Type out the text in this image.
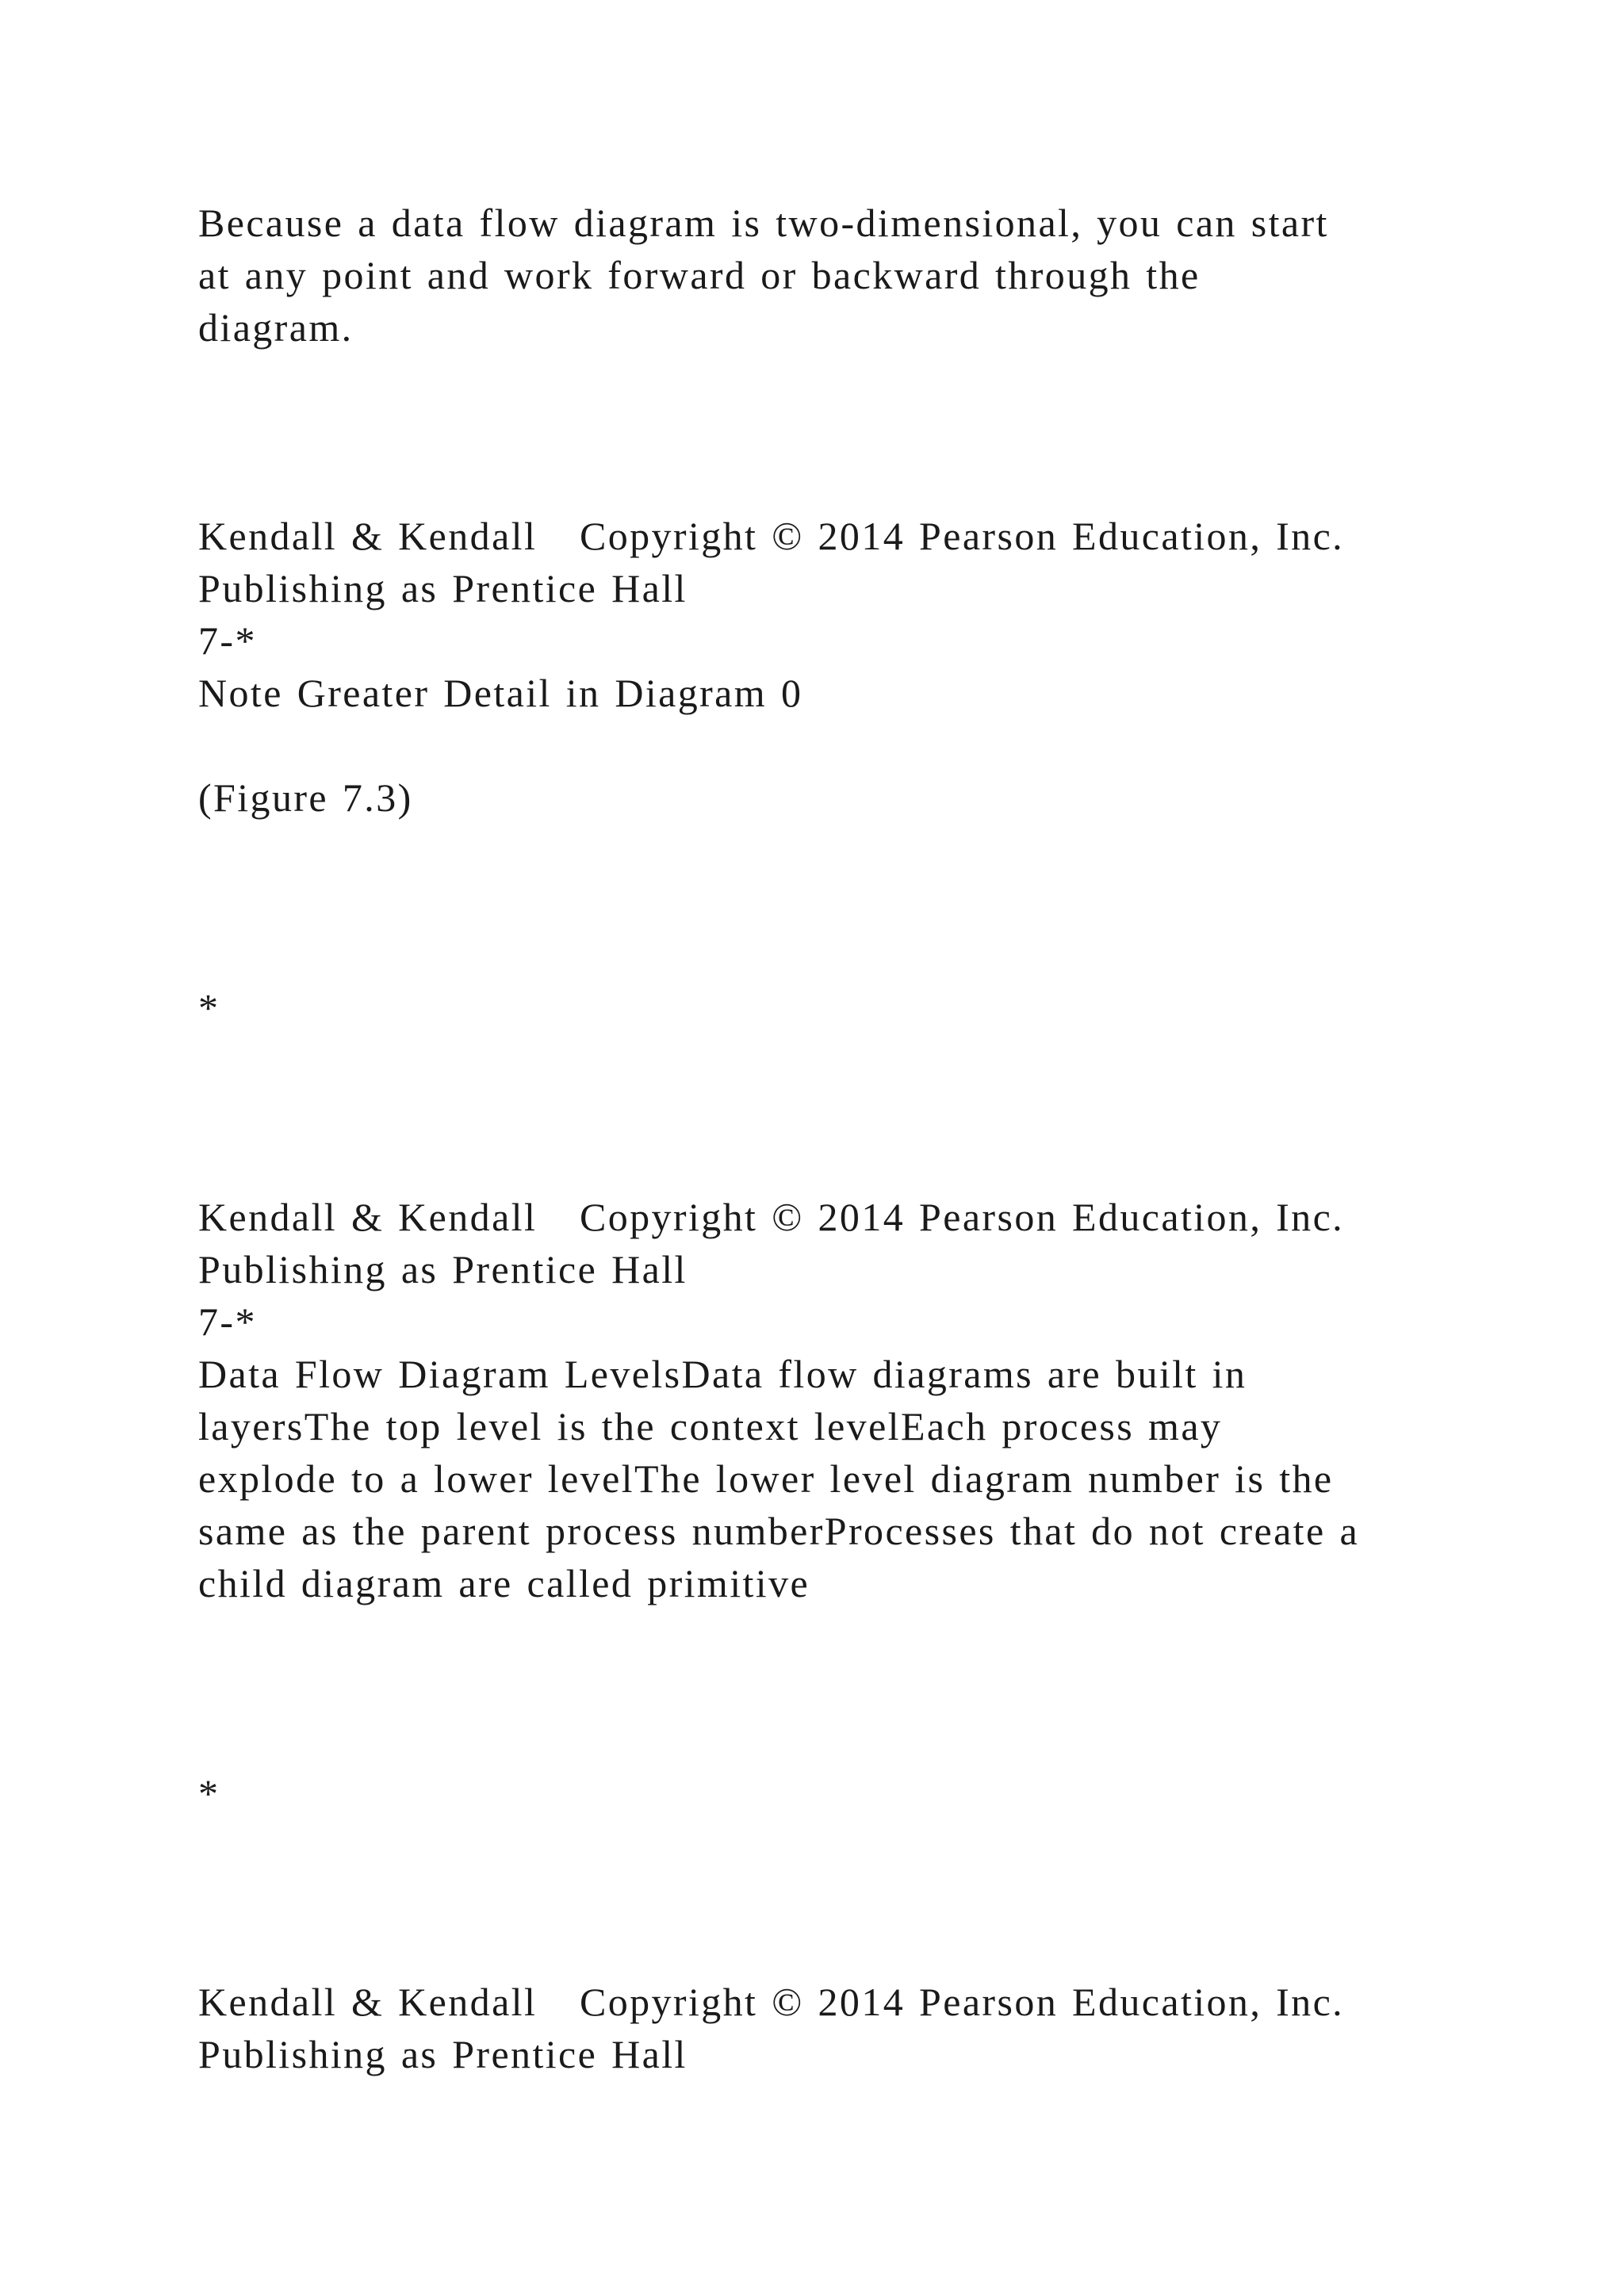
Because a data flow diagram is two-dimensional, you can start

at any point and work forward or backward through the

diagram.

Kendall & Kendall   Copyright © 2014 Pearson Education, Inc.

Publishing as Prentice Hall

7-*

Note Greater Detail in Diagram 0

(Figure 7.3)

*

Kendall & Kendall   Copyright © 2014 Pearson Education, Inc.

Publishing as Prentice Hall

7-*

Data Flow Diagram LevelsData flow diagrams are built in

layersThe top level is the context levelEach process may

explode to a lower levelThe lower level diagram number is the

same as the parent process numberProcesses that do not create a

child diagram are called primitive

*

Kendall & Kendall   Copyright © 2014 Pearson Education, Inc.

Publishing as Prentice Hall
